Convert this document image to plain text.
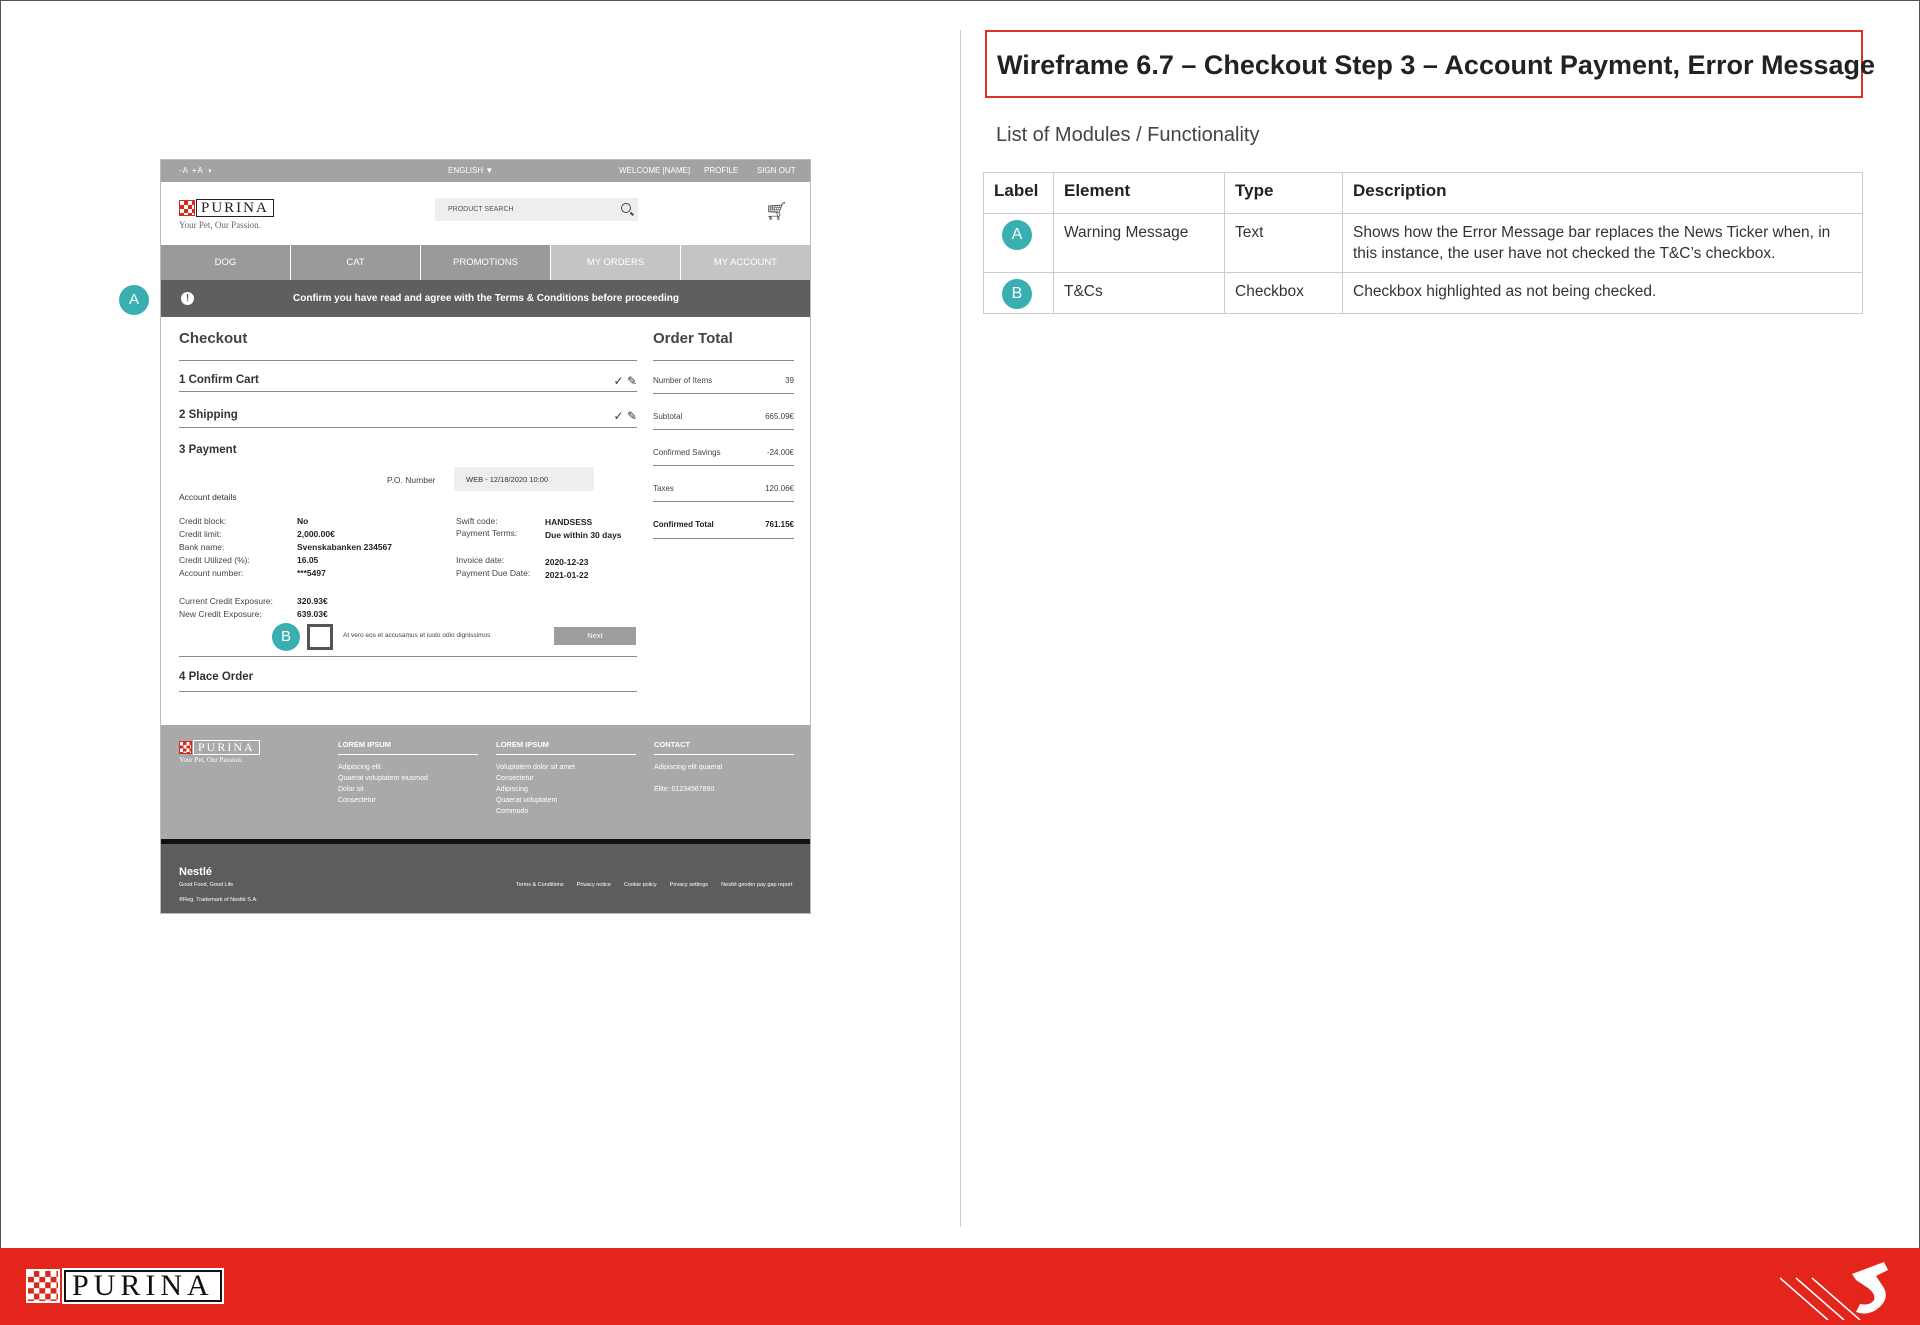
-A +A ◑	ENGLISH ▼	WELCOME [NAME] PROFILE SIGN OUT
PURINA
Your Pet, Our Passion.
PRODUCT SEARCH	🛒︎
DOG	CAT	PROMOTIONS	MY ORDERS	MY ACCOUNT
!	Confirm you have read and agree with the Terms & Conditions before proceeding
Checkout
1 Confirm Cart	✓ ✎
2 Shipping	✓ ✎
3 Payment
P.O. Number	WEB - 12/18/2020 10:00
Account details
Credit block:	No
Credit limit:	2,000.00€
Bank name:	Svenskabanken 234567
Credit Utilized (%):	16.05
Account number:	***5497
Swift code:	HANDSESS
Payment Terms:	Due within 30 days
Invoice date:	2020-12-23
Payment Due Date: 2021-01-22
Current Credit Exposure:	320.93€
New Credit Exposure:	639.03€
B	At vero eos et accusamus et iusto odio dignissimos	Next
4 Place Order
Order Total
Number of Items	39
Subtotal	665.09€
Confirmed Savings	-24.00€
Taxes	120.06€
Confirmed Total	761.15€
PURINA
Your Pet, Our Passion.
LOREM IPSUM
Adipiscing elit
Quaerat voluptatem eiusmod
Dolor sit
Consectetur
LOREM IPSUM
Voluptatem dolor sit amet
Consectetur
Adipiscing
Quaerat voluptatem
Commodo
CONTACT
Adipiscing elit quaerat
Elite: 01234567890
Nestlé
Good Food, Good Life
®Reg. Trademark of Nestlé S.A.
Terms & Conditions Privacy notice Cookie policy Privacy settings Nestlé gender pay gap report
A
Wireframe 6.7 – Checkout Step 3 – Account Payment, Error Message
List of Modules / Functionality
Label	Element	Type	Description

A	Warning Message	Text	Shows how the Error Message bar replaces the News Ticker when, in this instance, the user have not checked the T&C’s checkbox.

B	T&Cs	Checkbox	Checkbox highlighted as not being checked.
PURINA
